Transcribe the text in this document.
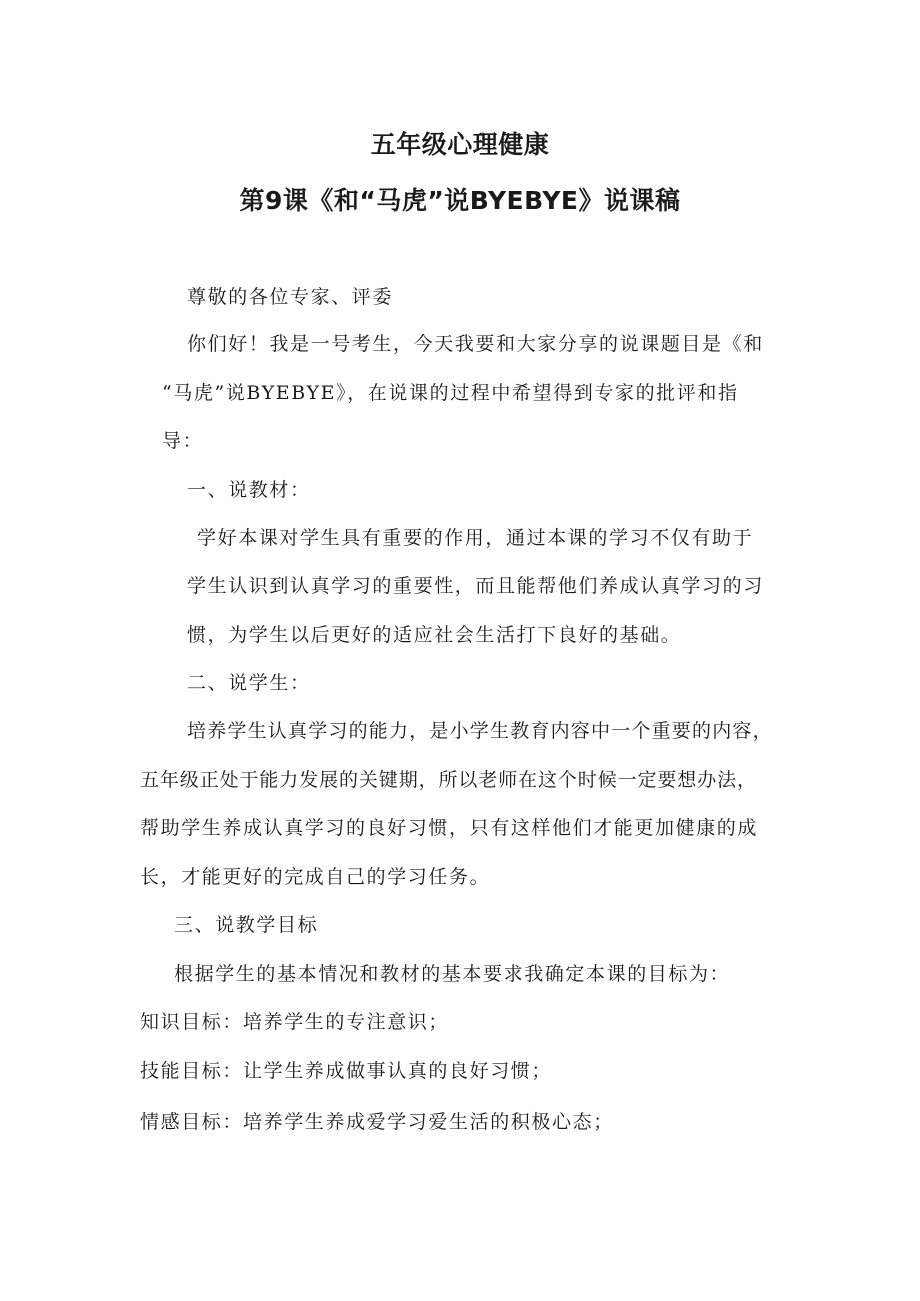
五年级心理健康
第9课《和“马虎”说BYEBYE》说课稿
尊敬的各位专家、评委
你们好！我是一号考生，今天我要和大家分享的说课题目是《和
“马虎”说BYEBYE》，在说课的过程中希望得到专家的批评和指
导：
一、说教材：
学好本课对学生具有重要的作用，通过本课的学习不仅有助于
学生认识到认真学习的重要性，而且能帮他们养成认真学习的习
惯，为学生以后更好的适应社会生活打下良好的基础。
二、说学生：
培养学生认真学习的能力，是小学生教育内容中一个重要的内容，
五年级正处于能力发展的关键期，所以老师在这个时候一定要想办法，
帮助学生养成认真学习的良好习惯，只有这样他们才能更加健康的成
长，才能更好的完成自己的学习任务。
三、说教学目标
根据学生的基本情况和教材的基本要求我确定本课的目标为：
知识目标：培养学生的专注意识；
技能目标：让学生养成做事认真的良好习惯；
情感目标：培养学生养成爱学习爱生活的积极心态；
